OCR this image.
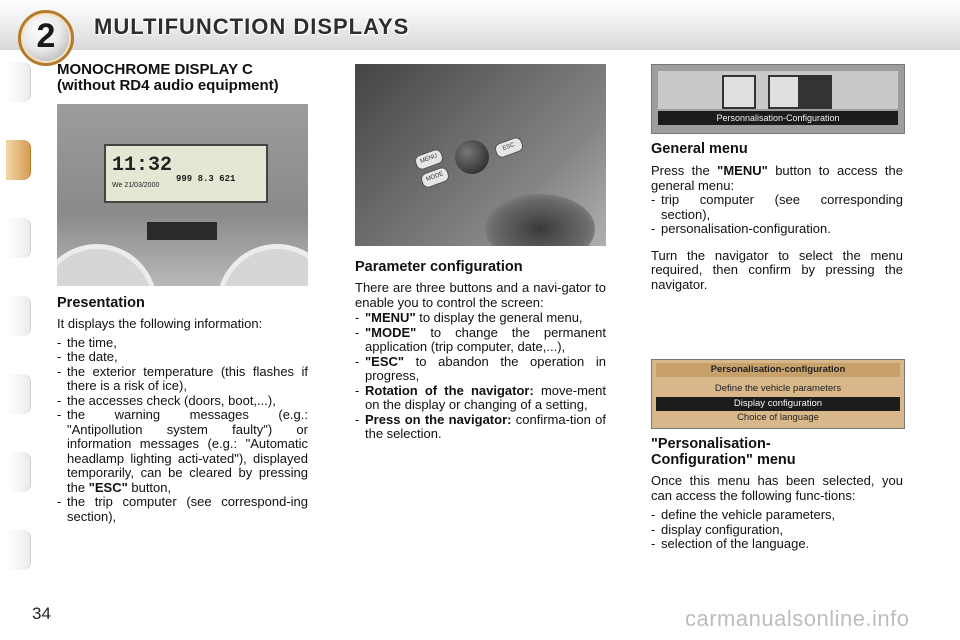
2	MULTIFUNCTION DISPLAYS
MONOCHROME DISPLAY C
(without RD4 audio equipment)
11:32
We 21/03/2000
999 8.3 621

Presentation

It displays the following information:

- the time,
- the date,
- the exterior temperature (this flashes if there is a risk of ice),
- the accesses check (doors, boot,...),
- the warning messages (e.g.: "Antipollution system faulty") or information messages (e.g.: "Automatic headlamp lighting acti-vated"), displayed temporarily, can be cleared by pressing the "ESC" button,
- the trip computer (see correspond-ing section),
MENU
MODE
ESC

Parameter configuration

There are three buttons and a navi-gator to enable you to control the screen:

- "MENU" to display the general menu,
- "MODE" to change the permanent application (trip computer, date,...),
- "ESC" to abandon the operation in progress,
- Rotation of the navigator: move-ment on the display or changing of a setting,
- Press on the navigator: confirma-tion of the selection.
Personnalisation-Configuration

General menu

Press the "MENU" button to access the general menu:

- trip computer (see corresponding section),
- personalisation-configuration.

Turn the navigator to select the menu required, then confirm by pressing the navigator.

Personalisation-configuration
Define the vehicle parameters
Display configuration
Choice of language

"Personalisation-

Configuration" menu

Once this menu has been selected, you can access the following func-tions:

- define the vehicle parameters,
- display configuration,
- selection of the language.
34	carmanualsonline.info
